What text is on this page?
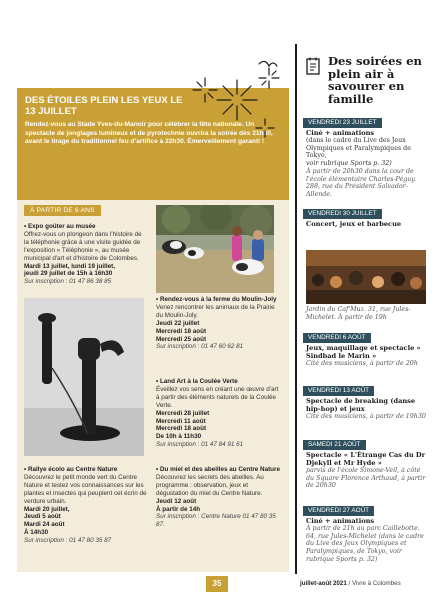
DES ÉTOILES PLEIN LES YEUX LE 13 JUILLET

Rendez-vous au Stade Yves-du-Manoir pour célébrer la fête nationale. Un spectacle de jonglages lumineux et de pyrotechnie ouvrira la soirée dès 21h30, avant le tirage du traditionnel feu d'artifice à 22h30. Émerveillement garanti !

À PARTIR DE 6 ANS
• Expo goûter au musée
Offrez-vous un plongeon dans l'histoire de la téléphonie grâce à une visite guidée de l'exposition « Téléphonie », au musée municipal d'art et d'histoire de Colombes.
Mardi 13 juillet, lundi 19 juillet,
jeudi 29 juillet de 15h à 16h30
Sur inscription : 01 47 86 38 85
• Rendez-vous à la ferme du Moulin-Joly
Venez rencontrer les animaux de la Prairie du Moulin-Joly.
Jeudi 22 juillet
Mercredi 18 août
Mercredi 25 août
Sur inscription : 01 47 60 62 81
• Land Art à la Coulée Verte
Éveillez vos sens en créant une œuvre d'art à partir des éléments naturels de la Coulée Verte.
Mercredi 28 juillet
Mercredi 11 août
Mercredi 18 août
De 10h à 11h30
Sur inscription : 01 47 84 91 61
• Rallye écolo au Centre Nature
Découvrez le petit monde vert du Centre Nature et testez vos connaissances sur les plantes et insectes qui peuplent cet écrin de verdure urbain.
Mardi 20 juillet,
Jeudi 5 août
Mardi 24 août
À 14h30
Sur inscription : 01 47 80 35 87
• Du miel et des abeilles au Centre Nature
Découvrez les secrets des abeilles. Au programme : observation, jeux et dégustation du miel du Centre Nature.
Jeudi 12 août
À partir de 14h
Sur inscription : Centre Nature 01 47 80 35 87.
Des soirées en plein air à savourer en famille
VENDREDI 23 JUILLET
Ciné + animations
(dans le cadre du Live des Jeux Olympiques et Paralympiques de Tokyo,
voir rubrique Sports p. 32)
À partir de 20h30 dans la cour de l'école élémentaire Charles-Péguy. 288, rue du Président Salvador-Allende.
VENDREDI 30 JUILLET
Concert, jeux et barbecue
Jardin du Caf'Muz. 31, rue Jules-Michelet. À partir de 19h
VENDREDI 6 AOÛT
Jeux, maquillage et spectacle « Sindbad le Marin »
Cité des musiciens, à partir de 20h
VENDREDI 13 AOÛT
Spectacle de breaking (danse hip-hop) et jeux
Cité des musiciens, à partir de 19h30
SAMEDI 21 AOÛT
Spectacle « L'Étrange Cas du Dr Djekyll et Mr Hyde »
parvis de l'école Simone-Veil, à côté du Square Florence Arthaud, à partir de 20h30
VENDREDI 27 AOÛT
Ciné + animations
À partir de 21h au parc Caillebotte. 64, rue Jules-Michelet (dans le cadre du Live des Jeux Olympiques et Paralympiques, de Tokyo, voir rubrique Sports p. 32)
35	juillet-août 2021 / Vivre à Colombes
